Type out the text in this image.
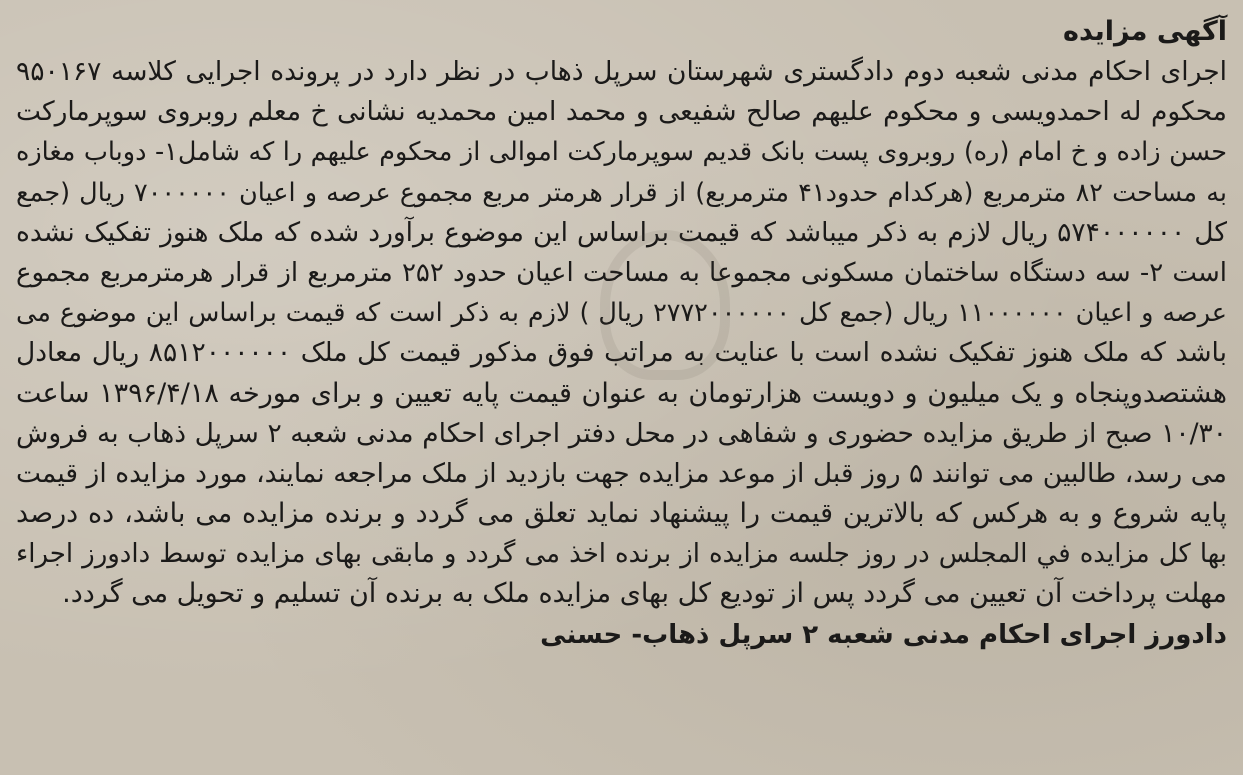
آگهی مزایده
اجرای احکام مدنی شعبه دوم دادگستری شهرستان سرپل ذهاب در نظر دارد در پرونده اجرایی کلاسه ۹۵۰۱۶۷
محکوم له احمدویسی و محکوم علیهم صالح شفیعی و محمد امین محمدیه نشانی خ معلم روبروی سوپرمارکت
حسن زاده و خ امام (ره) روبروی پست بانک قدیم سوپرمارکت اموالی از محکوم علیهم را که شامل۱- دوباب مغازه
به مساحت ۸۲ مترمربع (هرکدام حدود۴۱ مترمربع) از قرار هرمتر مربع مجموع عرصه و اعیان ۷۰۰۰۰۰۰ ریال (جمع
کل ۵۷۴۰۰۰۰۰۰ ریال لازم به ذکر میباشد که قیمت براساس این موضوع برآورد شده که ملک هنوز تفکیک نشده
است ۲- سه دستگاه ساختمان مسکونی مجموعا به مساحت اعیان حدود ۲۵۲ مترمربع از قرار هرمترمربع مجموع
عرصه و اعیان ۱۱۰۰۰۰۰۰ ریال (جمع کل ۲۷۷۲۰۰۰۰۰۰ ریال ) لازم به ذکر است که قیمت براساس این موضوع می
باشد که ملک هنوز تفکیک نشده است با عنایت به مراتب فوق مذکور قیمت کل ملک ۸۵۱۲۰۰۰۰۰۰ ریال معادل
هشتصدوپنجاه و یک میلیون و دویست هزارتومان به عنوان قیمت پایه تعیین و برای مورخه ۱۳۹۶/۴/۱۸ ساعت
۱۰/۳۰ صبح از طریق مزایده حضوری و شفاهی در محل دفتر اجرای احکام مدنی شعبه ۲ سرپل ذهاب به فروش
می رسد، طالبین می توانند ۵ روز قبل از موعد مزایده جهت بازدید از ملک مراجعه نمایند، مورد مزایده از قیمت
پایه شروع و به هرکس که بالاترین قیمت را پیشنهاد نماید تعلق می گردد و برنده مزایده می باشد، ده درصد
بها کل مزایده في المجلس در روز جلسه مزایده از برنده اخذ می گردد و مابقی بهای مزایده توسط دادورز اجراء
مهلت پرداخت آن تعیین می گردد پس از تودیع کل بهای مزایده ملک به برنده آن تسلیم و تحویل می گردد.
دادورز اجرای احکام مدنی شعبه ۲ سرپل ذهاب- حسنی
